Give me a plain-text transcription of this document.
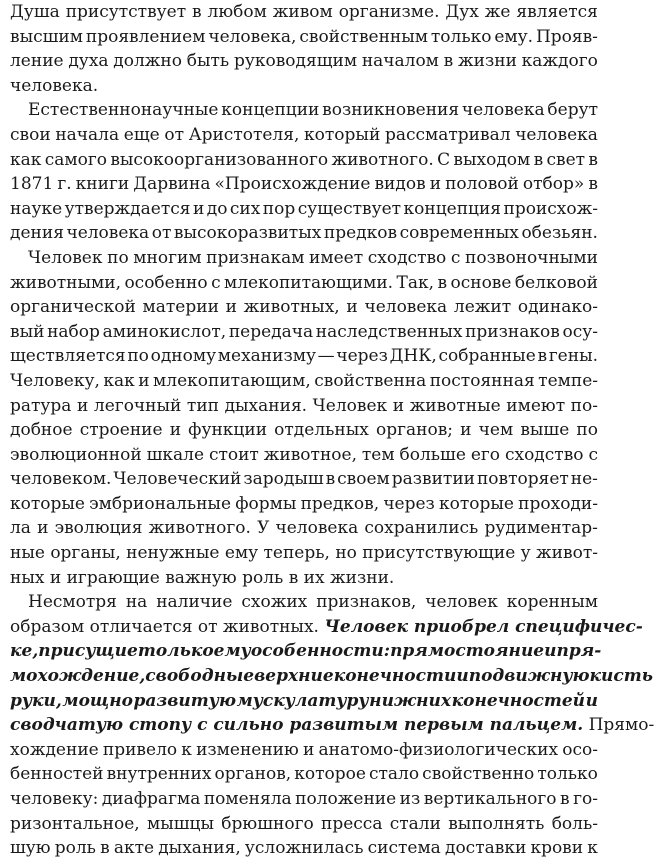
Душа присутствует в любом живом организме. Дух же является
высшим проявлением человека, свойственным только ему. Прояв-
ление духа должно быть руководящим началом в жизни каждого
человека.
Естественнонаучные концепции возникновения человека берут
свои начала еще от Аристотеля, который рассматривал человека
как самого высокоорганизованного животного. С выходом в свет в
1871 г. книги Дарвина «Происхождение видов и половой отбор» в
науке утверждается и до сих пор существует концепция происхож-
дения человека от высокоразвитых предков современных обезьян.
Человек по многим признакам имеет сходство с позвоночными
животными, особенно с млекопитающими. Так, в основе белковой
органической материи и животных, и человека лежит одинако-
вый набор аминокислот, передача наследственных признаков осу-
ществляется по одному механизму — через ДНК, собранные в гены.
Человеку, как и млекопитающим, свойственна постоянная темпе-
ратура и легочный тип дыхания. Человек и животные имеют по-
добное строение и функции отдельных органов; и чем выше по
эволюционной шкале стоит животное, тем больше его сходство с
человеком. Человеческий зародыш в своем развитии повторяет не-
которые эмбриональные формы предков, через которые проходи-
ла и эволюция животного. У человека сохранились рудиментар-
ные органы, ненужные ему теперь, но присутствующие у живот-
ных и играющие важную роль в их жизни.
Несмотря на наличие схожих признаков, человек коренным
образом отличается от животных. Человек приобрел специфичес-
ке, присущие только ему особенности: прямостояние и пря-
мохождение, свободные верхние конечности и подвижную кисть
руки, мощно развитую мускулатуру нижних конечностей и
сводчатую стопу с сильно развитым первым пальцем. Прямо-
хождение привело к изменению и анатомо-физиологических осо-
бенностей внутренних органов, которое стало свойственно только
человеку: диафрагма поменяла положение из вертикального в го-
ризонтальное, мышцы брюшного пресса стали выполнять боль-
шую роль в акте дыхания, усложнилась система доставки крови к
